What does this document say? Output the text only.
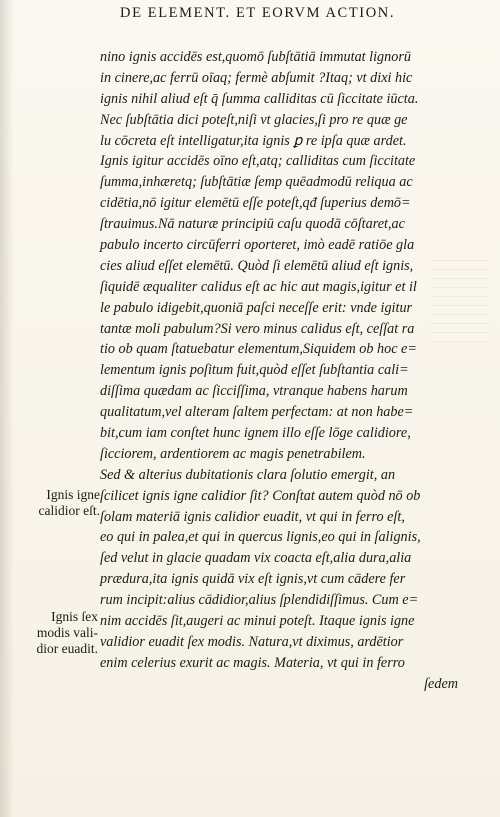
DE ELEMENT. ET EORVM ACTION.
nino ignis accidēs est,quomō ſubſtātiā immutat lignorū
in cinere,ac ferrū oīaq; fermè abſumit ?Itaq; vt dixi hic
ignis nihil aliud eſt q̄ ſumma calliditas cū ſiccitate iūcta.
Nec ſubſtātia dici poteſt,niſi vt glacies,ſi pro re quæ ge
lu cōcreta eſt intelligatur,ita ignis ꝑ re ipſa quæ ardet.
Ignis igitur accidēs oīno eſt,atq; calliditas cum ſiccitate
ſumma,inhæretq; ſubſtātiæ ſemp quēadmodū reliqua ac
cidētia,nō igitur elemētū eſſe poteſt,qđ ſuperius demō=
ſtrauimus.Nā naturæ principiū caſu quodā cōſtaret,ac
pabulo incerto circūferri oporteret, imò eadē ratiōe gla
cies aliud eſſet elemētū. Quòd ſi elemētū aliud eſt ignis,
ſiquidē æqualiter calidus eſt ac hic aut magis,igitur et il
le pabulo idigebit,quoniā paſci neceſſe erit: vnde igitur
tantæ moli pabulum?Si vero minus calidus eſt, ceſſat ra
tio ob quam ſtatuebatur elementum,Siquidem ob hoc e=
lementum ignis poſitum fuit,quòd eſſet ſubſtantia cali=
diſſima quædam ac ſicciſſima, vtranque habens harum
qualitatum,vel alteram ſaltem perfectam: at non habe=
bit,cum iam conſtet hunc ignem illo eſſe lōge calidiore,
ſicciorem, ardentiorem ac magis penetrabilem.
Sed & alterius dubitationis clara ſolutio emergit, an
ſcilicet ignis igne calidior ſit? Conſtat autem quòd nō ob
ſolam materiā ignis calidior euadit, vt qui in ferro eſt,
eo qui in palea,et qui in quercus lignis,eo qui in ſalignis,
ſed velut in glacie quadam vix coacta eſt,alia dura,alia
prædura,ita ignis quidā vix eſt ignis,vt cum cādere fer
rum incipit:alius cādidior,alius ſplendidiſſimus. Cum e=
nim accidēs ſit,augeri ac minui poteſt. Itaque ignis igne
validior euadit ſex modis. Natura,vt diximus, ardētior
enim celerius exurit ac magis. Materia, vt qui in ferro
ſedem
Ignis igne
calidior eſt.
Ignis ſex
modis vali-
dior euadit.
